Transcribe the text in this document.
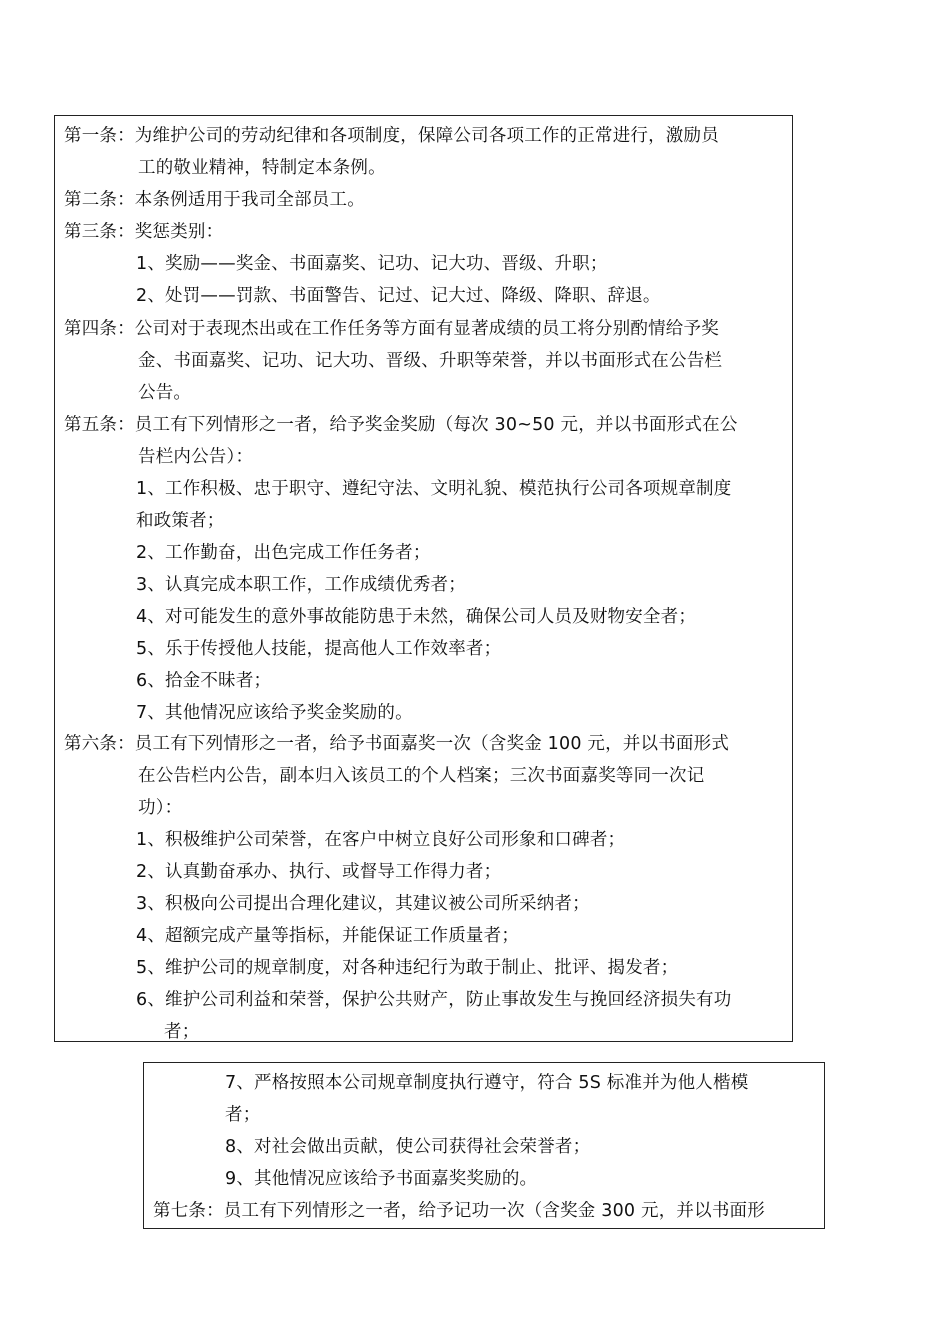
第一条：为维护公司的劳动纪律和各项制度，保障公司各项工作的正常进行，激励员
工的敬业精神，特制定本条例。
第二条：本条例适用于我司全部员工。
第三条：奖惩类别：
1、奖励——奖金、书面嘉奖、记功、记大功、晋级、升职；
2、处罚——罚款、书面警告、记过、记大过、降级、降职、辞退。
第四条：公司对于表现杰出或在工作任务等方面有显著成绩的员工将分别酌情给予奖
金、书面嘉奖、记功、记大功、晋级、升职等荣誉，并以书面形式在公告栏
公告。
第五条：员工有下列情形之一者，给予奖金奖励（每次 30~50 元，并以书面形式在公
告栏内公告）：
1、工作积极、忠于职守、遵纪守法、文明礼貌、模范执行公司各项规章制度
和政策者；
2、工作勤奋，出色完成工作任务者；
3、认真完成本职工作，工作成绩优秀者；
4、对可能发生的意外事故能防患于未然，确保公司人员及财物安全者；
5、乐于传授他人技能，提高他人工作效率者；
6、拾金不昧者；
7、其他情况应该给予奖金奖励的。
第六条：员工有下列情形之一者，给予书面嘉奖一次（含奖金 100 元，并以书面形式
在公告栏内公告，副本归入该员工的个人档案；三次书面嘉奖等同一次记
功）：
1、积极维护公司荣誉，在客户中树立良好公司形象和口碑者；
2、认真勤奋承办、执行、或督导工作得力者；
3、积极向公司提出合理化建议，其建议被公司所采纳者；
4、超额完成产量等指标，并能保证工作质量者；
5、维护公司的规章制度，对各种违纪行为敢于制止、批评、揭发者；
6、维护公司利益和荣誉，保护公共财产，防止事故发生与挽回经济损失有功
者；
7、严格按照本公司规章制度执行遵守，符合 5S 标准并为他人楷模
者；
8、对社会做出贡献，使公司获得社会荣誉者；
9、其他情况应该给予书面嘉奖奖励的。
第七条：员工有下列情形之一者，给予记功一次（含奖金 300 元，并以书面形
